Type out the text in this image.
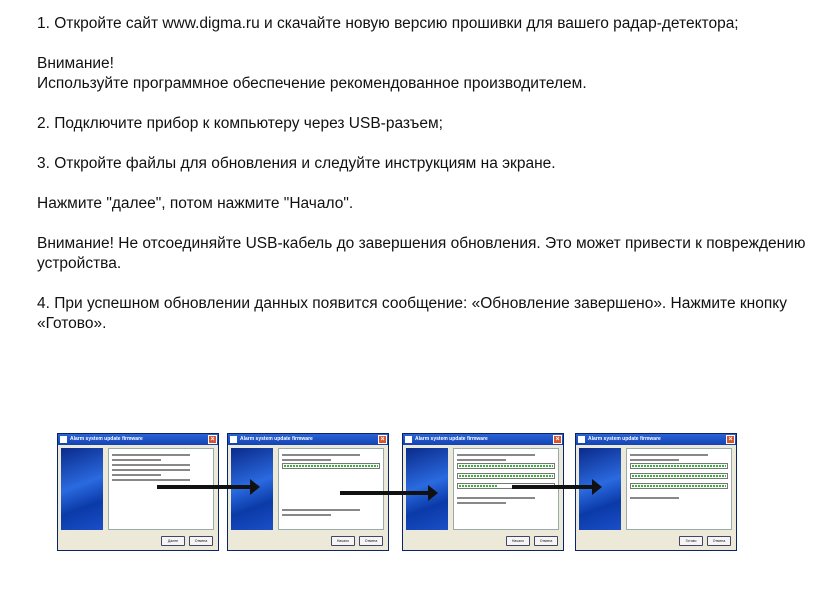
1. Откройте сайт www.digma.ru и скачайте новую версию прошивки для вашего радар-детектора;

Внимание!

Используйте программное обеспечение рекомендованное производителем.

2. Подключите прибор к компьютеру через USB-разъем;

3. Откройте файлы для обновления и следуйте инструкциям на экране.

Нажмите "далее", потом нажмите "Начало".

Внимание! Не отсоединяйте USB-кабель до завершения обновления. Это может привести к повреждению устройства.

4. При успешном обновлении данных появится сообщение: «Обновление завершено». Нажмите кнопку «Готово».

Alarm system update firmware	×
Далее	Отмена
Alarm system update firmware	×
Начало	Отмена
Alarm system update firmware	×
Начало	Отмена
Alarm system update firmware	×
Готово	Отмена
